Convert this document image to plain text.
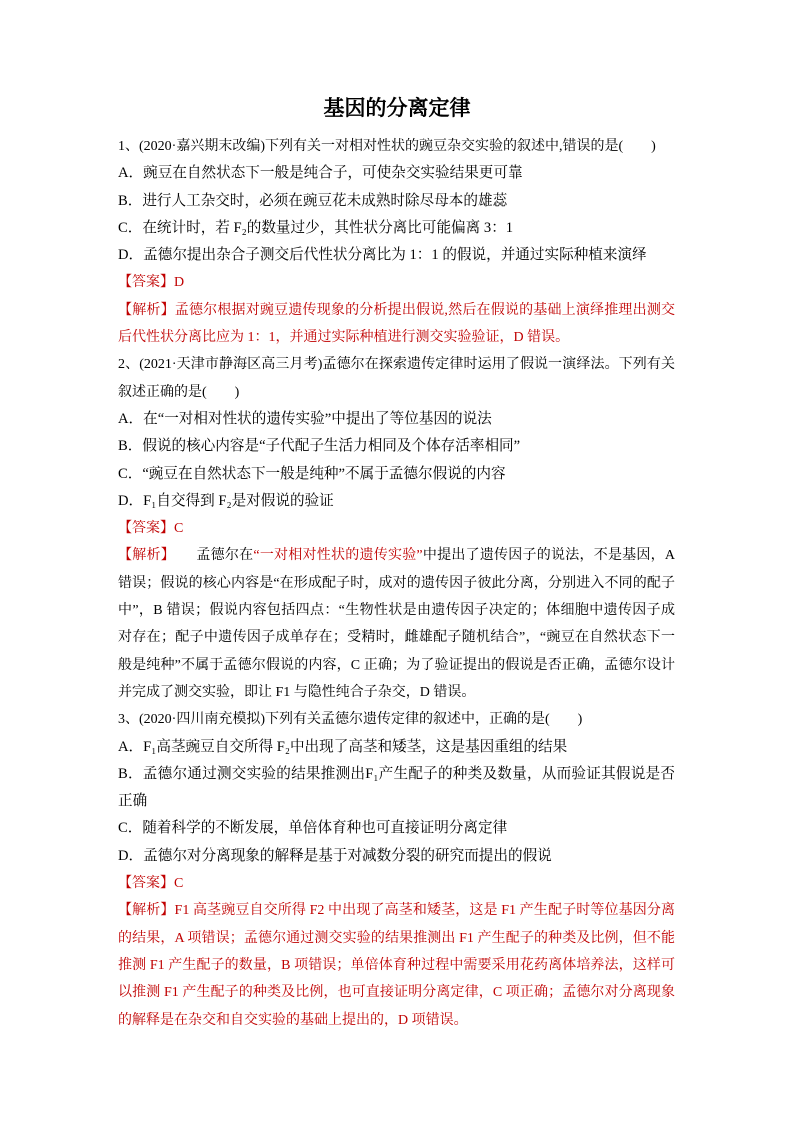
基因的分离定律

1、(2020·嘉兴期末改编)下列有关一对相对性状的豌豆杂交实验的叙述中,错误的是(　　)

A．豌豆在自然状态下一般是纯合子，可使杂交实验结果更可靠

B．进行人工杂交时，必须在豌豆花未成熟时除尽母本的雄蕊

C．在统计时，若 F₂的数量过少，其性状分离比可能偏离 3：1

D．孟德尔提出杂合子测交后代性状分离比为 1：1 的假说，并通过实际种植来演绎

【答案】D

【解析】孟德尔根据对豌豆遗传现象的分析提出假说,然后在假说的基础上演绎推理出测交后代性状分离比应为 1：1，并通过实际种植进行测交实验验证，D 错误。

2、(2021·天津市静海区高三月考)孟德尔在探索遗传定律时运用了假说一演绎法。下列有关叙述正确的是(　　)

A．在“一对相对性状的遗传实验”中提出了等位基因的说法

B．假说的核心内容是“子代配子生活力相同及个体存活率相同”

C．“豌豆在自然状态下一般是纯种”不属于孟德尔假说的内容

D．F₁自交得到 F₂是对假说的验证

【答案】C

【解析】　　孟德尔在“一对相对性状的遗传实验”中提出了遗传因子的说法，不是基因，A 错误；假说的核心内容是“在形成配子时，成对的遗传因子彼此分离，分别进入不同的配子中”，B 错误；假说内容包括四点：“生物性状是由遗传因子决定的；体细胞中遗传因子成对存在；配子中遗传因子成单存在；受精时，雌雄配子随机结合”，“豌豆在自然状态下一般是纯种”不属于孟德尔假说的内容，C 正确；为了验证提出的假说是否正确，孟德尔设计并完成了测交实验，即让 F1 与隐性纯合子杂交，D 错误。

3、(2020·四川南充模拟)下列有关孟德尔遗传定律的叙述中，正确的是(　　)

A．F₁高茎豌豆自交所得 F₂中出现了高茎和矮茎，这是基因重组的结果

B．孟德尔通过测交实验的结果推测出F₁产生配子的种类及数量，从而验证其假说是否正确

C．随着科学的不断发展，单倍体育种也可直接证明分离定律

D．孟德尔对分离现象的解释是基于对减数分裂的研究而提出的假说

【答案】C

【解析】F1 高茎豌豆自交所得 F2 中出现了高茎和矮茎，这是 F1 产生配子时等位基因分离的结果，A 项错误；孟德尔通过测交实验的结果推测出 F1 产生配子的种类及比例，但不能推测 F1 产生配子的数量，B 项错误；单倍体育种过程中需要采用花药离体培养法，这样可以推测 F1 产生配子的种类及比例，也可直接证明分离定律，C 项正确；孟德尔对分离现象的解释是在杂交和自交实验的基础上提出的，D 项错误。
